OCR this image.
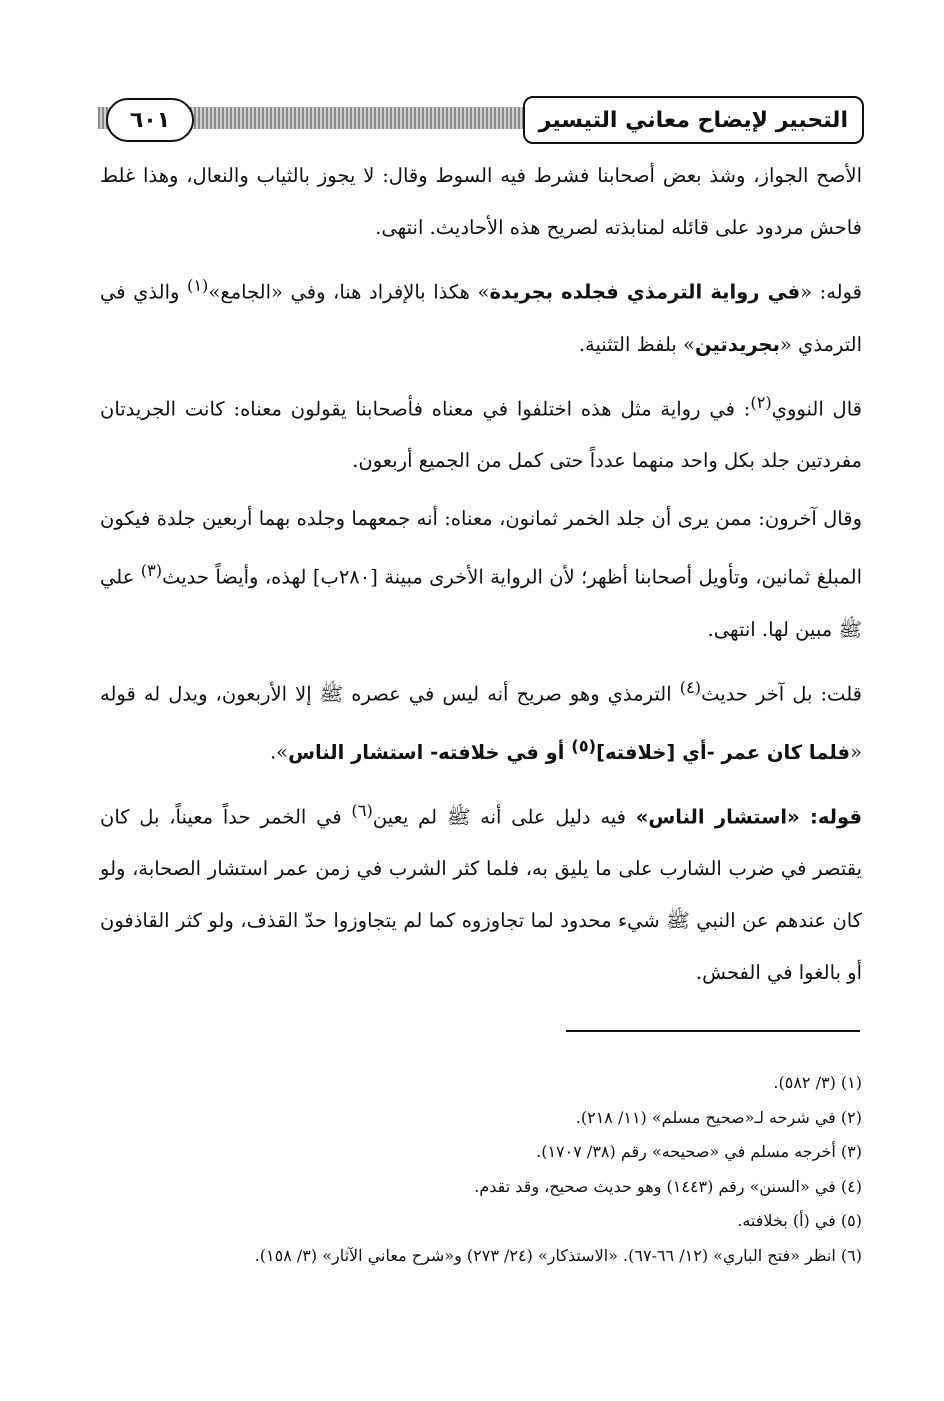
التحبير لإيضاح معاني التيسير
٦٠١

الأصح الجواز، وشذ بعض أصحابنا فشرط فيه السوط وقال: لا يجوز بالثياب والنعال، وهذا غلط فاحش مردود على قائله لمنابذته لصريح هذه الأحاديث. انتهى.

قوله: «في رواية الترمذي فجلده بجريدة» هكذا بالإفراد هنا، وفي «الجامع»$^{(١)}$ والذي في الترمذي «بجريدتين» بلفظ التثنية.

قال النووي$^{(٢)}$: في رواية مثل هذه اختلفوا في معناه فأصحابنا يقولون معناه: كانت الجريدتان مفردتين جلد بكل واحد منهما عدداً حتى كمل من الجميع أربعون.

وقال آخرون: ممن يرى أن جلد الخمر ثمانون، معناه: أنه جمعهما وجلده بهما أربعين جلدة فيكون المبلغ ثمانين، وتأويل أصحابنا أظهر؛ لأن الرواية الأخرى مبينة [٢٨٠ب] لهذه، وأيضاً حديث$^{(٣)}$ علي ﷺ مبين لها. انتهى.

قلت: بل آخر حديث$^{(٤)}$ الترمذي وهو صريح أنه ليس في عصره ﷺ إلا الأربعون، ويدل له قوله «فلما كان عمر -أي [خلافته]$^{(٥)}$ أو في خلافته- استشار الناس».

قوله: «استشار الناس» فيه دليل على أنه ﷺ لم يعين$^{(٦)}$ في الخمر حداً معيناً، بل كان يقتصر في ضرب الشارب على ما يليق به، فلما كثر الشرب في زمن عمر استشار الصحابة، ولو كان عندهم عن النبي ﷺ شيء محدود لما تجاوزوه كما لم يتجاوزوا حدّ القذف، ولو كثر القاذفون أو بالغوا في الفحش.

(١) (٣/ ٥٨٢).

(٢) في شرحه لـ«صحيح مسلم» (١١/ ٢١٨).

(٣) أخرجه مسلم في «صحيحه» رقم (٣٨/ ١٧٠٧).

(٤) في «السنن» رقم (١٤٤٣) وهو حديث صحيح، وقد تقدم.

(٥) في (أ) بخلافته.

(٦) انظر «فتح الباري» (١٢/ ٦٦-٦٧). «الاستذكار» (٢٤/ ٢٧٣) و«شرح معاني الآثار» (٣/ ١٥٨).
